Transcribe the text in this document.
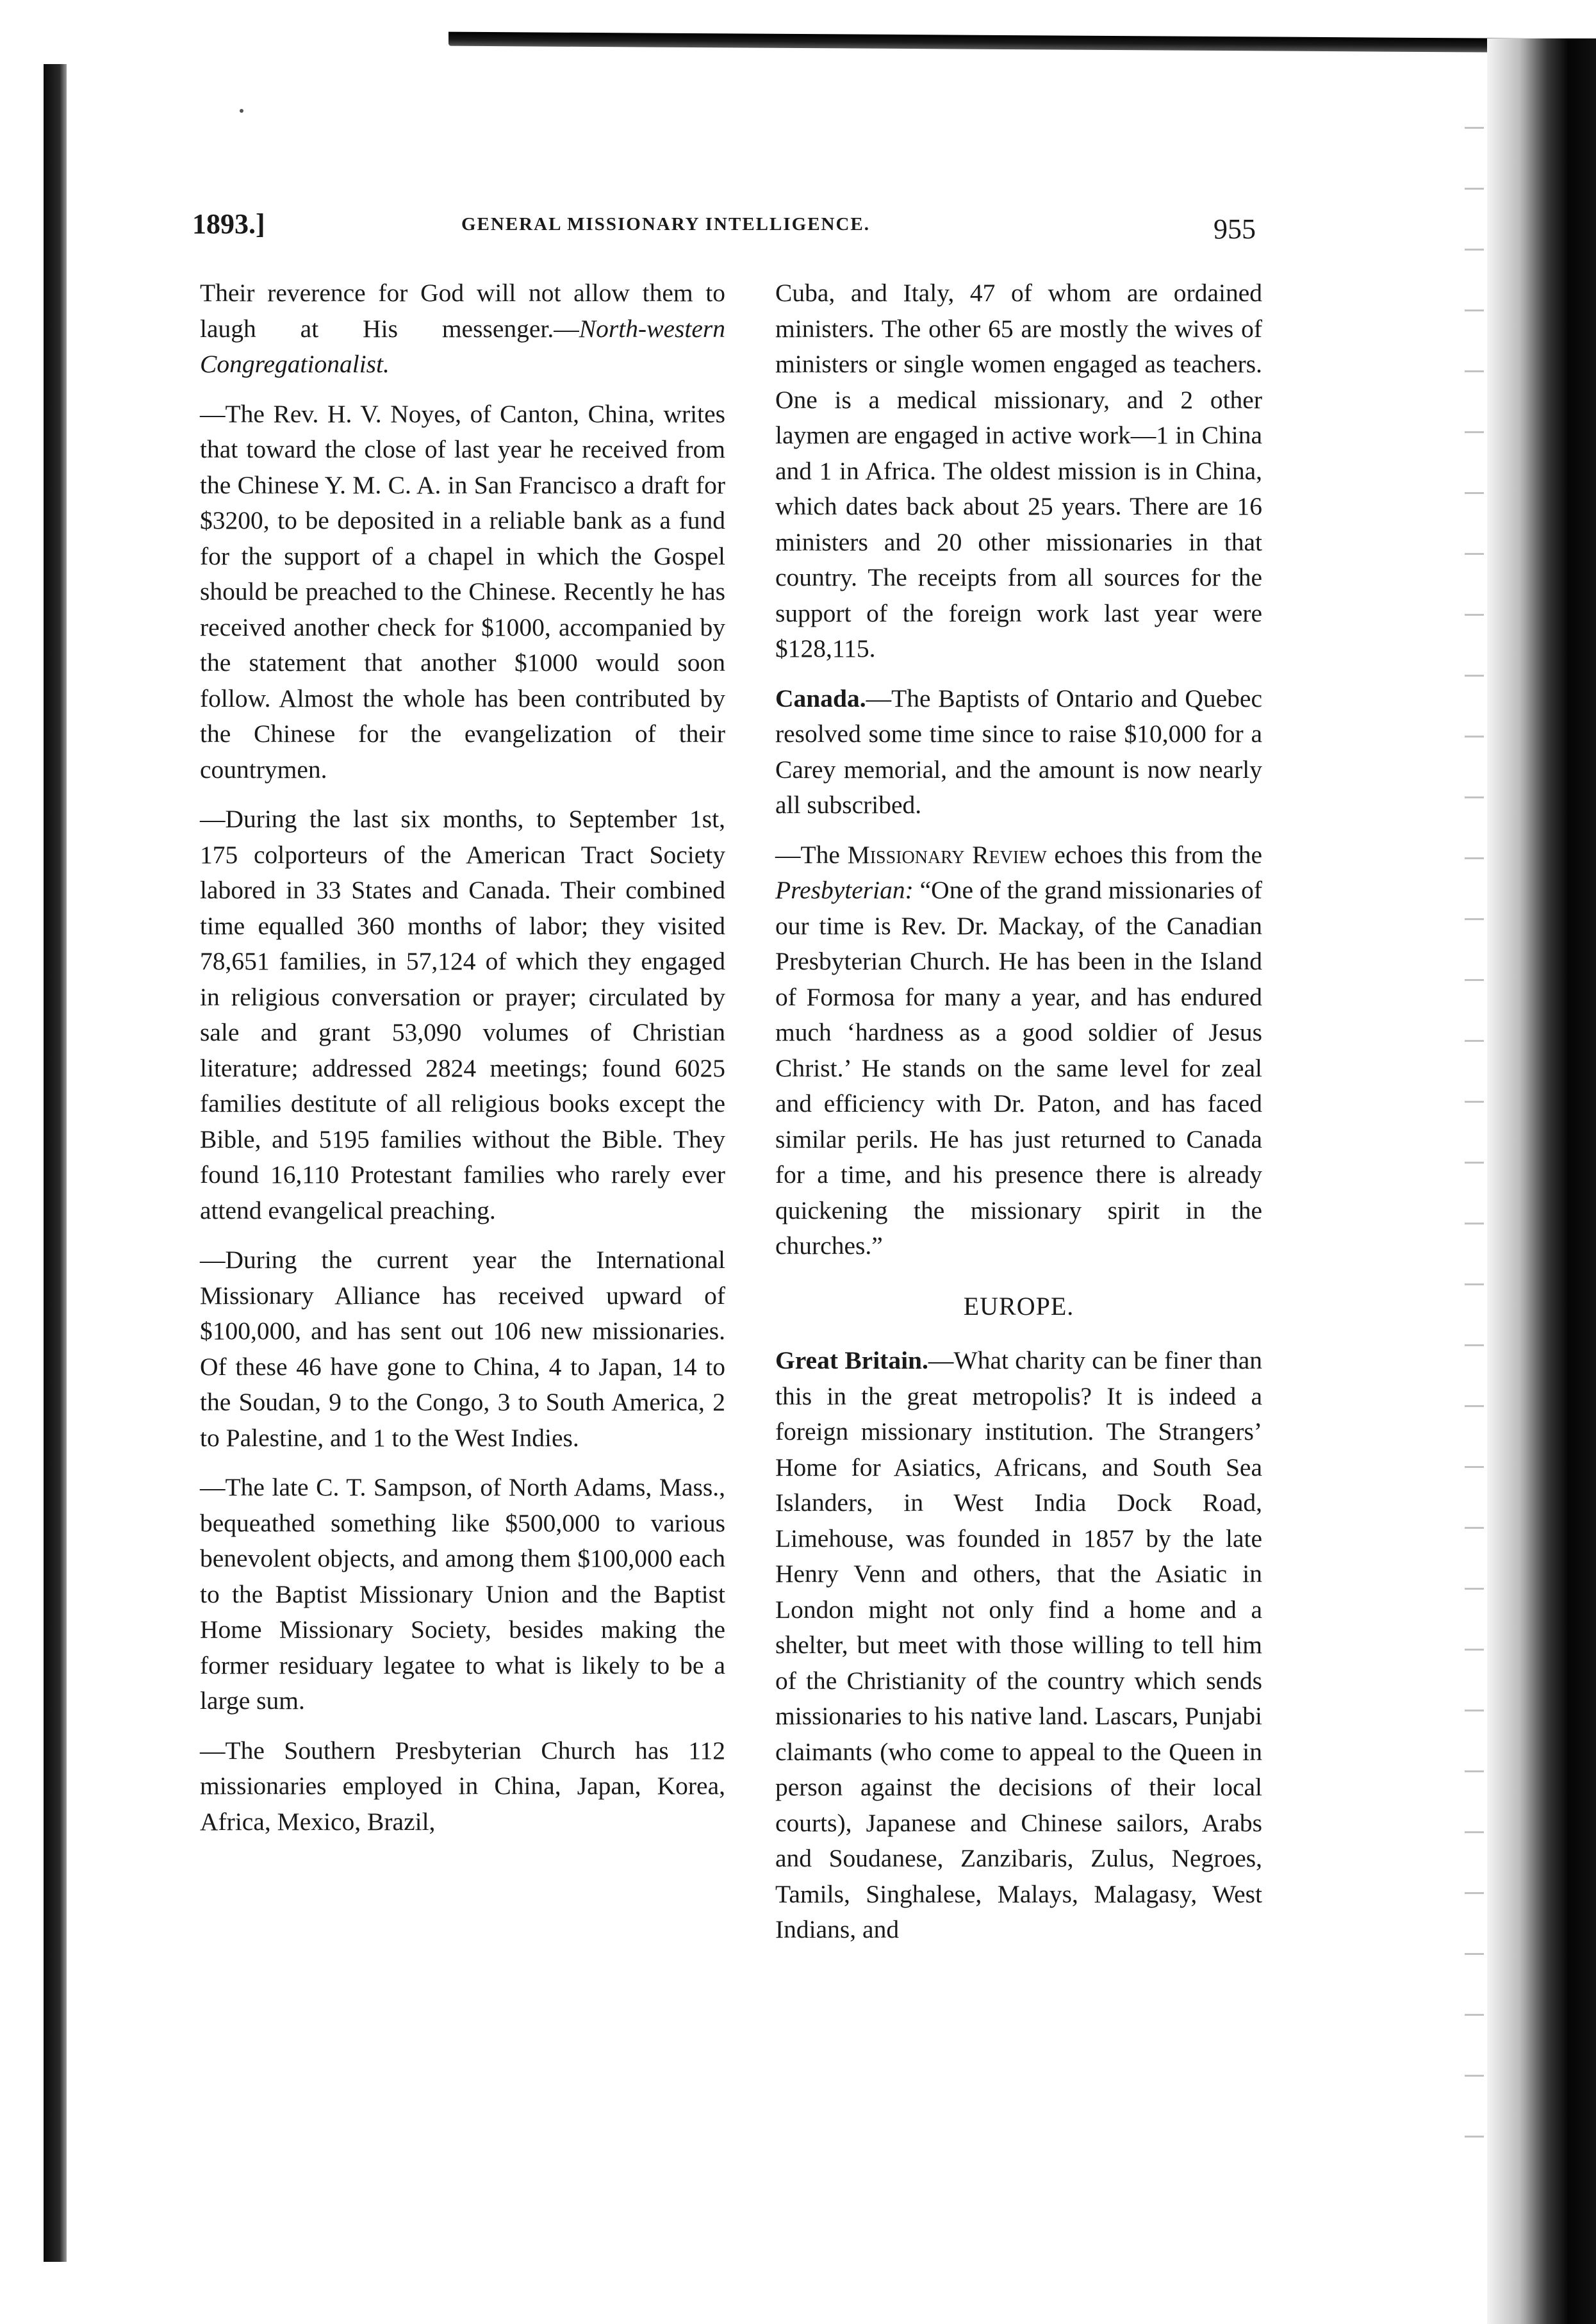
1893.]	GENERAL MISSIONARY INTELLIGENCE.	955

Their reverence for God will not allow them to laugh at His messenger.—North-western Congregationalist.

—The Rev. H. V. Noyes, of Canton, China, writes that toward the close of last year he received from the Chinese Y. M. C. A. in San Francisco a draft for $3200, to be deposited in a reliable bank as a fund for the support of a chapel in which the Gospel should be preached to the Chinese. Recently he has received another check for $1000, accompanied by the statement that another $1000 would soon follow. Almost the whole has been contributed by the Chinese for the evangelization of their countrymen.

—During the last six months, to September 1st, 175 colporteurs of the American Tract Society labored in 33 States and Canada. Their combined time equalled 360 months of labor; they visited 78,651 families, in 57,124 of which they engaged in religious conversation or prayer; circulated by sale and grant 53,090 volumes of Christian literature; addressed 2824 meetings; found 6025 families destitute of all religious books except the Bible, and 5195 families without the Bible. They found 16,110 Protestant families who rarely ever attend evangelical preaching.

—During the current year the International Missionary Alliance has received upward of $100,000, and has sent out 106 new missionaries. Of these 46 have gone to China, 4 to Japan, 14 to the Soudan, 9 to the Congo, 3 to South America, 2 to Palestine, and 1 to the West Indies.

—The late C. T. Sampson, of North Adams, Mass., bequeathed something like $500,000 to various benevolent objects, and among them $100,000 each to the Baptist Missionary Union and the Baptist Home Missionary Society, besides making the former residuary legatee to what is likely to be a large sum.

—The Southern Presbyterian Church has 112 missionaries employed in China, Japan, Korea, Africa, Mexico, Brazil,

Cuba, and Italy, 47 of whom are ordained ministers. The other 65 are mostly the wives of ministers or single women engaged as teachers. One is a medical missionary, and 2 other laymen are engaged in active work—1 in China and 1 in Africa. The oldest mission is in China, which dates back about 25 years. There are 16 ministers and 20 other missionaries in that country. The receipts from all sources for the support of the foreign work last year were $128,115.

Canada.—The Baptists of Ontario and Quebec resolved some time since to raise $10,000 for a Carey memorial, and the amount is now nearly all subscribed.

—The Missionary Review echoes this from the Presbyterian: “One of the grand missionaries of our time is Rev. Dr. Mackay, of the Canadian Presbyterian Church. He has been in the Island of Formosa for many a year, and has endured much ‘hardness as a good soldier of Jesus Christ.’ He stands on the same level for zeal and efficiency with Dr. Paton, and has faced similar perils. He has just returned to Canada for a time, and his presence there is already quickening the missionary spirit in the churches.”

EUROPE.

Great Britain.—What charity can be finer than this in the great metropolis? It is indeed a foreign missionary institution. The Strangers’ Home for Asiatics, Africans, and South Sea Islanders, in West India Dock Road, Limehouse, was founded in 1857 by the late Henry Venn and others, that the Asiatic in London might not only find a home and a shelter, but meet with those willing to tell him of the Christianity of the country which sends missionaries to his native land. Lascars, Punjabi claimants (who come to appeal to the Queen in person against the decisions of their local courts), Japanese and Chinese sailors, Arabs and Soudanese, Zanzibaris, Zulus, Negroes, Tamils, Singhalese, Malays, Malagasy, West Indians, and
